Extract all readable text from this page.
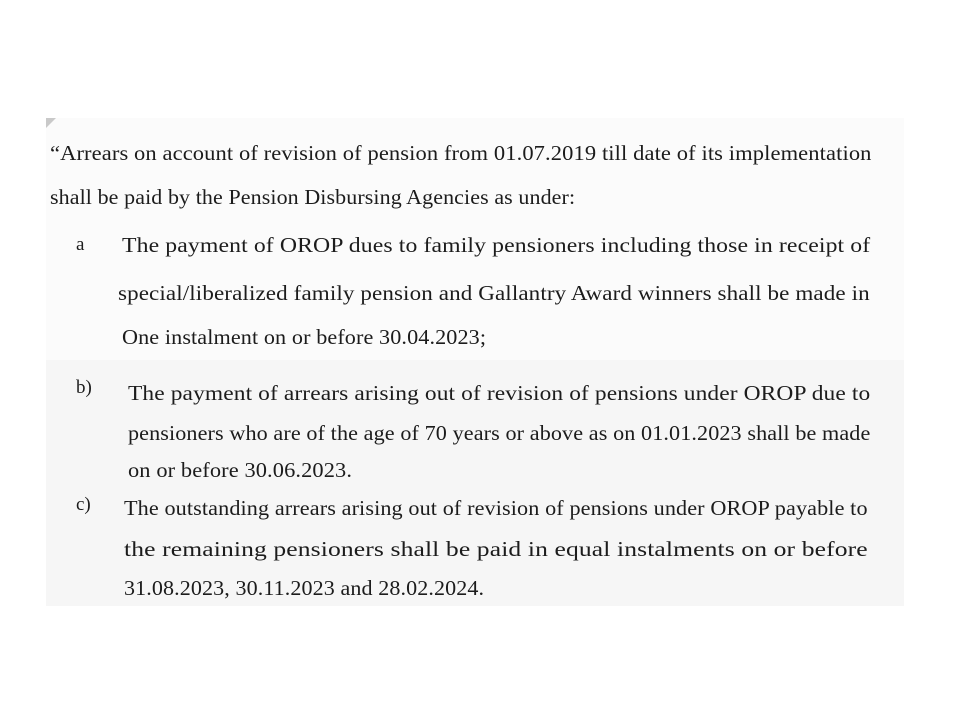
“Arrears on account of revision of pension from 01.07.2019 till date of its implementation
shall be paid by the Pension Disbursing Agencies as under:
a The payment of OROP dues to family pensioners including those in receipt of
special/liberalized family pension and Gallantry Award winners shall be made in
One instalment on or before 30.04.2023;
b) The payment of arrears arising out of revision of pensions under OROP due to
pensioners who are of the age of 70 years or above as on 01.01.2023 shall be made
on or before 30.06.2023.
c) The outstanding arrears arising out of revision of pensions under OROP payable to
the remaining pensioners shall be paid in equal instalments on or before
31.08.2023, 30.11.2023 and 28.02.2024.
